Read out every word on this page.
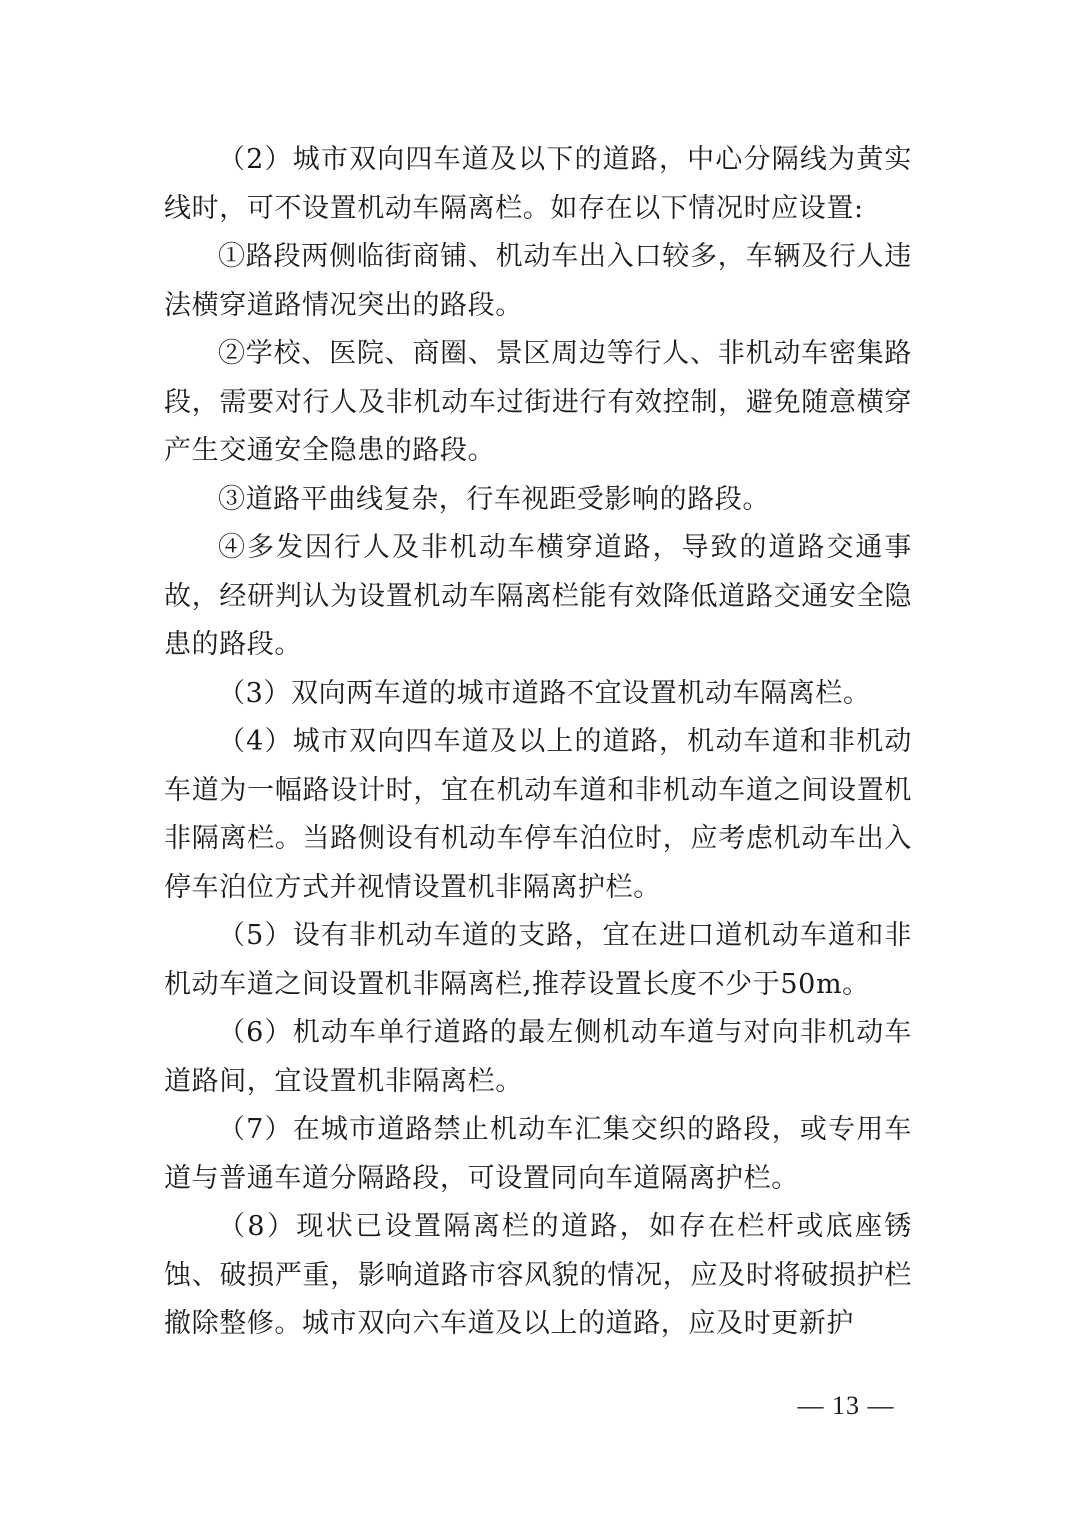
（2）城市双向四车道及以下的道路，中心分隔线为黄实线时，可不设置机动车隔离栏。如存在以下情况时应设置:

①路段两侧临街商铺、机动车出入口较多，车辆及行人违法横穿道路情况突出的路段。

②学校、医院、商圈、景区周边等行人、非机动车密集路段，需要对行人及非机动车过街进行有效控制，避免随意横穿产生交通安全隐患的路段。

③道路平曲线复杂，行车视距受影响的路段。

④多发因行人及非机动车横穿道路，导致的道路交通事故，经研判认为设置机动车隔离栏能有效降低道路交通安全隐患的路段。

（3）双向两车道的城市道路不宜设置机动车隔离栏。

（4）城市双向四车道及以上的道路，机动车道和非机动车道为一幅路设计时，宜在机动车道和非机动车道之间设置机非隔离栏。当路侧设有机动车停车泊位时，应考虑机动车出入停车泊位方式并视情设置机非隔离护栏。

（5）设有非机动车道的支路，宜在进口道机动车道和非机动车道之间设置机非隔离栏,推荐设置长度不少于50m。

（6）机动车单行道路的最左侧机动车道与对向非机动车道路间，宜设置机非隔离栏。

（7）在城市道路禁止机动车汇集交织的路段，或专用车道与普通车道分隔路段，可设置同向车道隔离护栏。

（8）现状已设置隔离栏的道路，如存在栏杆或底座锈蚀、破损严重，影响道路市容风貌的情况，应及时将破损护栏撤除整修。城市双向六车道及以上的道路，应及时更新护

— 13 —
